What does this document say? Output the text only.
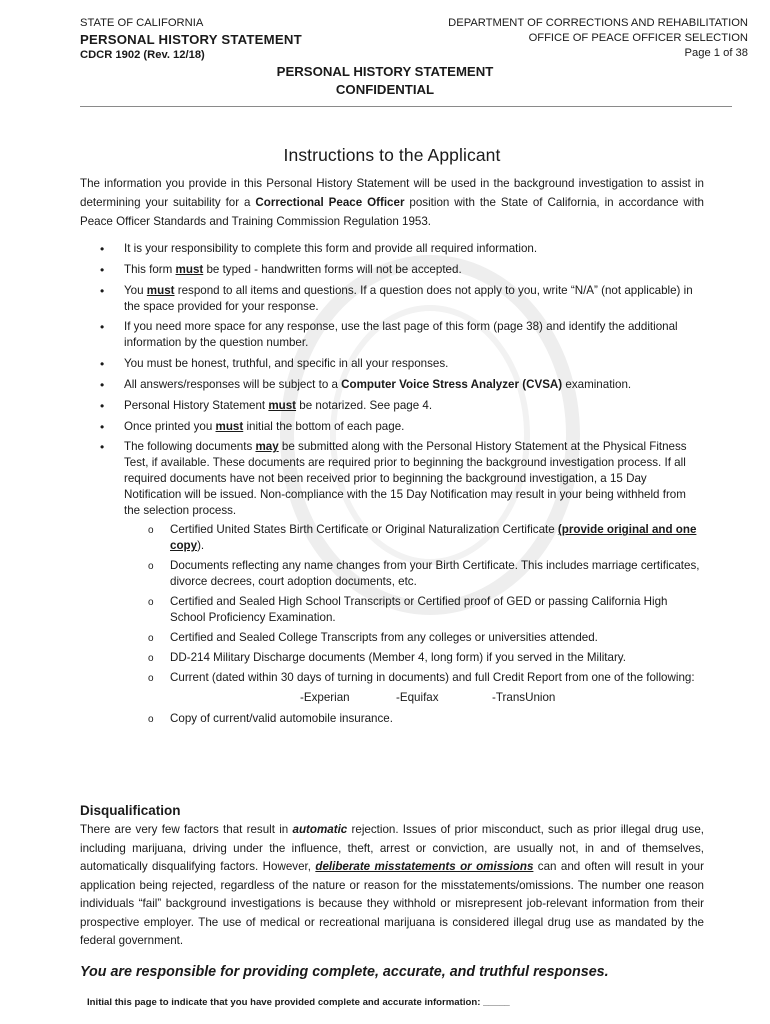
STATE OF CALIFORNIA
PERSONAL HISTORY STATEMENT
CDCR 1902 (Rev. 12/18)
DEPARTMENT OF CORRECTIONS AND REHABILITATION
OFFICE OF PEACE OFFICER SELECTION
Page 1 of 38
PERSONAL HISTORY STATEMENT
CONFIDENTIAL
Instructions to the Applicant

The information you provide in this Personal History Statement will be used in the background investigation to assist in determining your suitability for a Correctional Peace Officer position with the State of California, in accordance with Peace Officer Standards and Training Commission Regulation 1953.

• It is your responsibility to complete this form and provide all required information.
• This form must be typed - handwritten forms will not be accepted.
• You must respond to all items and questions. If a question does not apply to you, write “N/A” (not applicable) in the space provided for your response.
• If you need more space for any response, use the last page of this form (page 38) and identify the additional information by the question number.
• You must be honest, truthful, and specific in all your responses.
• All answers/responses will be subject to a Computer Voice Stress Analyzer (CVSA) examination.
• Personal History Statement must be notarized. See page 4.
• Once printed you must initial the bottom of each page.
• The following documents may be submitted along with the Personal History Statement at the Physical Fitness Test, if available. These documents are required prior to beginning the background investigation process. If all required documents have not been received prior to beginning the background investigation, a 15 Day Notification will be issued. Non-compliance with the 15 Day Notification may result in your being withheld from the selection process.
o Certified United States Birth Certificate or Original Naturalization Certificate (provide original and one copy).
o Documents reflecting any name changes from your Birth Certificate. This includes marriage certificates, divorce decrees, court adoption documents, etc.
o Certified and Sealed High School Transcripts or Certified proof of GED or passing California High School Proficiency Examination.
o Certified and Sealed College Transcripts from any colleges or universities attended.
o DD-214 Military Discharge documents (Member 4, long form) if you served in the Military.
o Current (dated within 30 days of turning in documents) and full Credit Report from one of the following:
-Experian	-Equifax	-TransUnion
o Copy of current/valid automobile insurance.
Disqualification

There are very few factors that result in automatic rejection. Issues of prior misconduct, such as prior illegal drug use, including marijuana, driving under the influence, theft, arrest or conviction, are usually not, in and of themselves, automatically disqualifying factors. However, deliberate misstatements or omissions can and often will result in your application being rejected, regardless of the nature or reason for the misstatements/omissions. The number one reason individuals “fail” background investigations is because they withhold or misrepresent job-relevant information from their prospective employer. The use of medical or recreational marijuana is considered illegal drug use as mandated by the federal government.

You are responsible for providing complete, accurate, and truthful responses.

Initial this page to indicate that you have provided complete and accurate information: _____
